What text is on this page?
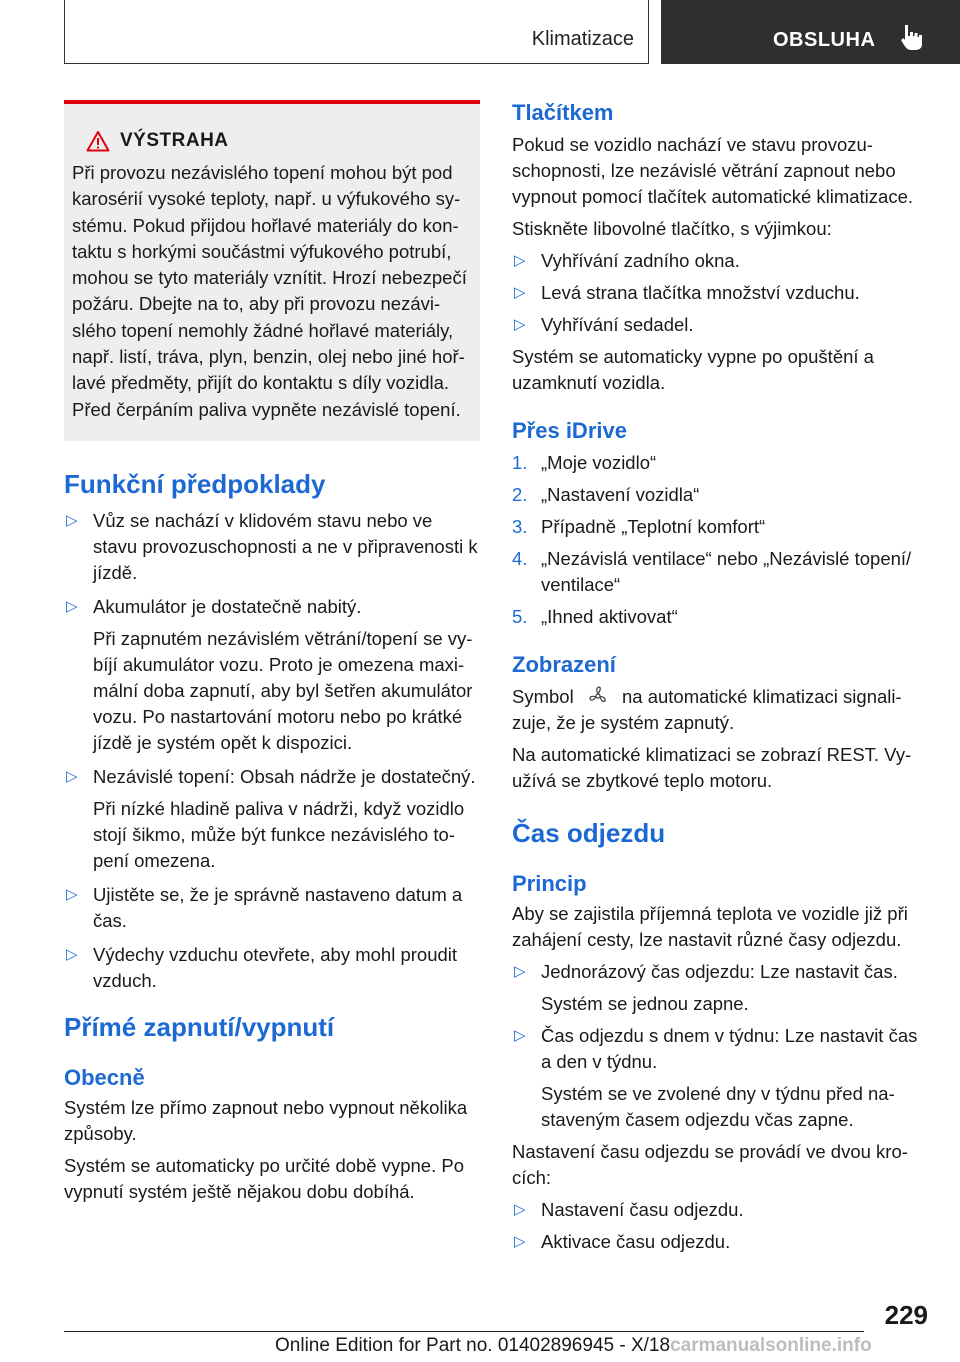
Klimatizace	OBSLUHA
VÝSTRAHA

Při provozu nezávislého topení mohou být pod karosérií vysoké teploty, např. u výfukového systému. Pokud přijdou hořlavé materiály do kontaktu s horkými součástmi výfukového potrubí, mohou se tyto materiály vznítit. Hrozí nebezpečí požáru. Dbejte na to, aby při provozu nezávislého topení nemohly žádné hořlavé materiály, např. listí, tráva, plyn, benzin, olej nebo jiné hořlavé předměty, přijít do kontaktu s díly vozidla. Před čerpáním paliva vypněte nezávislé topení.

Funkční předpoklady
▷ Vůz se nachází v klidovém stavu nebo ve stavu provozuschopnosti a ne v připravenosti k jízdě.
▷ Akumulátor je dostatečně nabitý.
Při zapnutém nezávislém větrání/topení se vybíjí akumulátor vozu. Proto je omezena maximální doba zapnutí, aby byl šetřen akumulátor vozu. Po nastartování motoru nebo po krátké jízdě je systém opět k dispozici.
▷ Nezávislé topení: Obsah nádrže je dostatečný.
Při nízké hladině paliva v nádrži, když vozidlo stojí šikmo, může být funkce nezávislého topení omezena.
▷ Ujistěte se, že je správně nastaveno datum a čas.
▷ Výdechy vzduchu otevřete, aby mohl proudit vzduch.
Přímé zapnutí/vypnutí
Obecně

Systém lze přímo zapnout nebo vypnout několika způsoby.

Systém se automaticky po určité době vypne. Po vypnutí systém ještě nějakou dobu dobíhá.

Tlačítkem

Pokud se vozidlo nachází ve stavu provozuschopnosti, lze nezávislé větrání zapnout nebo vypnout pomocí tlačítek automatické klimatizace.

Stiskněte libovolné tlačítko, s výjimkou:

▷ Vyhřívání zadního okna.
▷ Levá strana tlačítka množství vzduchu.
▷ Vyhřívání sedadel.

Systém se automaticky vypne po opuštění a uzamknutí vozidla.

Přes iDrive
1. „Moje vozidlo“
2. „Nastavení vozidla“
3. Případně „Teplotní komfort“
4. „Nezávislá ventilace“ nebo „Nezávislé topení/ ventilace“
5. „Ihned aktivovat“
Zobrazení

Symbol	na automatické klimatizaci signalizuje, že je systém zapnutý.

Na automatické klimatizaci se zobrazí REST. Využívá se zbytkové teplo motoru.

Čas odjezdu
Princip

Aby se zajistila příjemná teplota ve vozidle již při zahájení cesty, lze nastavit různé časy odjezdu.

▷ Jednorázový čas odjezdu: Lze nastavit čas.
Systém se jednou zapne.
▷ Čas odjezdu s dnem v týdnu: Lze nastavit čas a den v týdnu.
Systém se ve zvolené dny v týdnu před nastaveným časem odjezdu včas zapne.

Nastavení času odjezdu se provádí ve dvou krocích:

▷ Nastavení času odjezdu.
▷ Aktivace času odjezdu.
229
Online Edition for Part no. 01402896945 - X/18carmanualsonline.info
